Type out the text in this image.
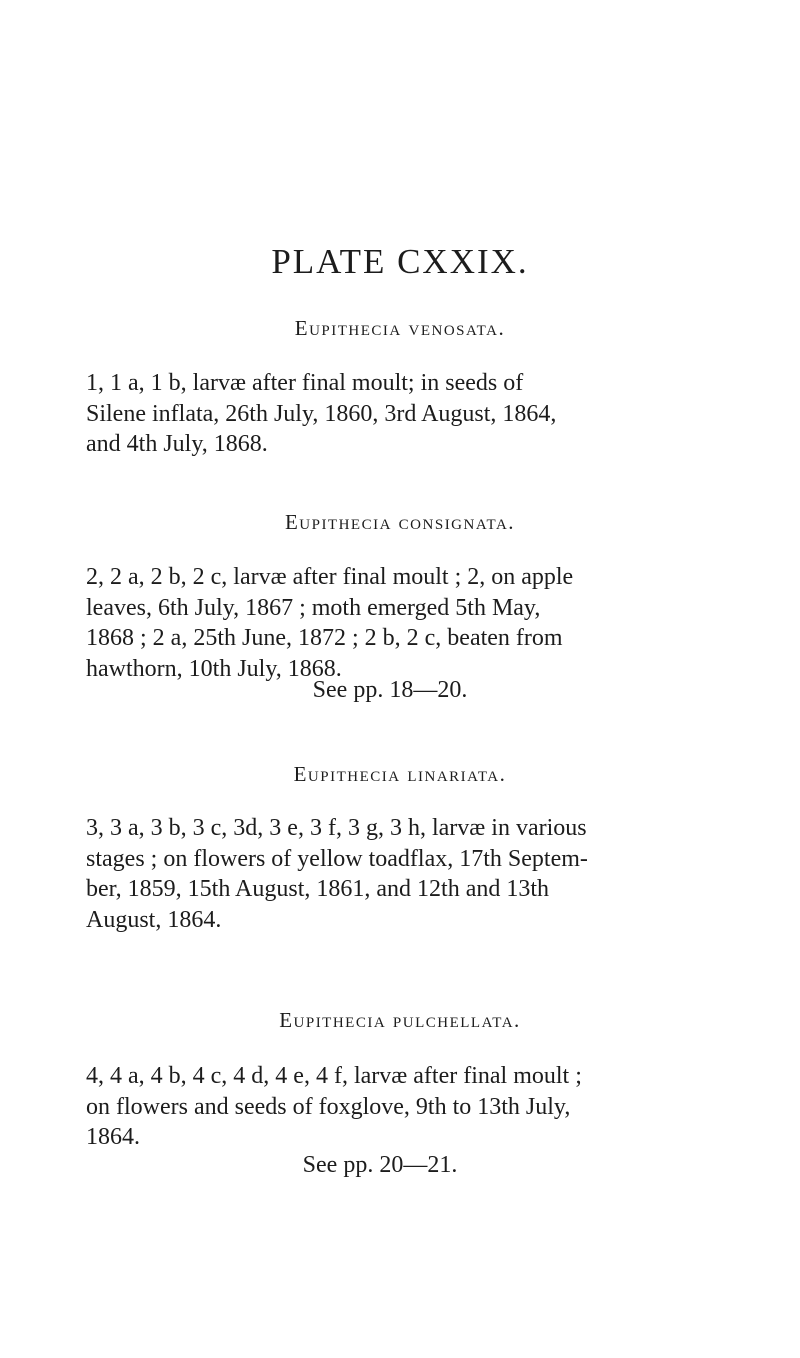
PLATE CXXIX.
Eupithecia venosata.

1, 1 a, 1 b, larvæ after final moult; in seeds of
Silene inflata, 26th July, 1860, 3rd August, 1864,
and 4th July, 1868.

Eupithecia consignata.

2, 2 a, 2 b, 2 c, larvæ after final moult ; 2, on apple
leaves, 6th July, 1867 ; moth emerged 5th May,
1868 ; 2 a, 25th June, 1872 ; 2 b, 2 c, beaten from
hawthorn, 10th July, 1868.

See pp. 18—20.

Eupithecia linariata.

3, 3 a, 3 b, 3 c, 3d, 3 e, 3 f, 3 g, 3 h, larvæ in various
stages ; on flowers of yellow toadflax, 17th Septem-
ber, 1859, 15th August, 1861, and 12th and 13th
August, 1864.

Eupithecia pulchellata.

4, 4 a, 4 b, 4 c, 4 d, 4 e, 4 f, larvæ after final moult ;
on flowers and seeds of foxglove, 9th to 13th July,
1864.

See pp. 20—21.
